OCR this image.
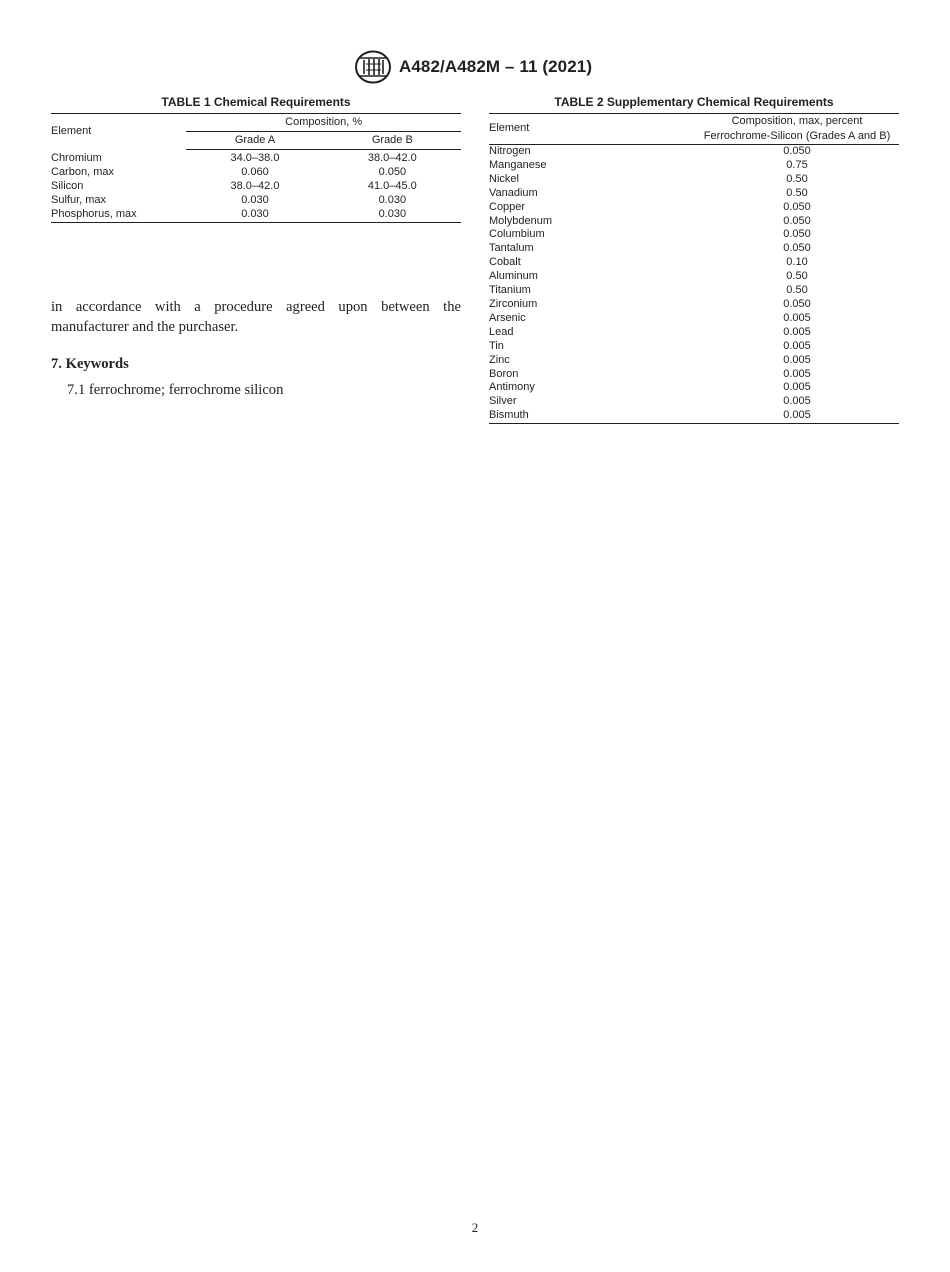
A482/A482M – 11 (2021)
TABLE 1 Chemical Requirements
Element	Composition, %	
	Grade A	Grade B
Chromium	34.0–38.0	38.0–42.0
Carbon, max	0.060	0.050
Silicon	38.0–42.0	41.0–45.0
Sulfur, max	0.030	0.030
Phosphorus, max	0.030	0.030
TABLE 2 Supplementary Chemical Requirements
Element	Composition, max, percent
	Ferrochrome-Silicon (Grades A and B)
Nitrogen	0.050
Manganese	0.75
Nickel	0.50
Vanadium	0.50
Copper	0.050
Molybdenum	0.050
Columbium	0.050
Tantalum	0.050
Cobalt	0.10
Aluminum	0.50
Titanium	0.50
Zirconium	0.050
Arsenic	0.005
Lead	0.005
Tin	0.005
Zinc	0.005
Boron	0.005
Antimony	0.005
Silver	0.005
Bismuth	0.005

in accordance with a procedure agreed upon between the manufacturer and the purchaser.

7. Keywords
7.1 ferrochrome; ferrochrome silicon
2
